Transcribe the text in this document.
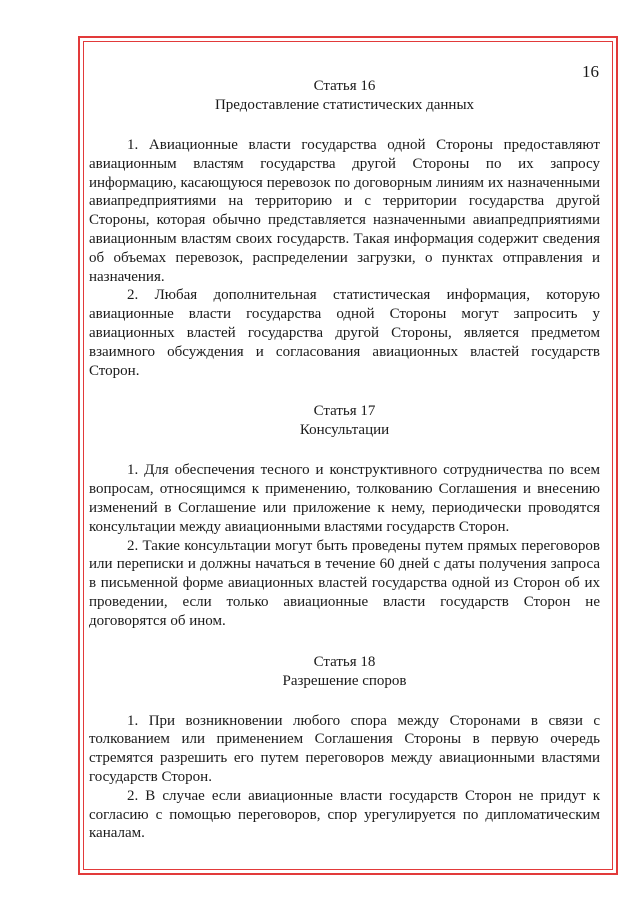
16
Статья 16
Предоставление статистических данных

1. Авиационные власти государства одной Стороны предоставляют авиационным властям государства другой Стороны по их запросу информацию, касающуюся перевозок по договорным линиям их назначенными авиапредприятиями на территорию и с территории государства другой Стороны, которая обычно представляется назначенными авиапредприятиями авиационным властям своих государств. Такая информация содержит сведения об объемах перевозок, распределении загрузки, о пунктах отправления и назначения.

2. Любая дополнительная статистическая информация, которую авиационные власти государства одной Стороны могут запросить у авиационных властей государства другой Стороны, является предметом взаимного обсуждения и согласования авиационных властей государств Сторон.

Статья 17
Консультации

1. Для обеспечения тесного и конструктивного сотрудничества по всем вопросам, относящимся к применению, толкованию Соглашения и внесению изменений в Соглашение или приложение к нему, периодически проводятся консультации между авиационными властями государств Сторон.

2. Такие консультации могут быть проведены путем прямых переговоров или переписки и должны начаться в течение 60 дней с даты получения запроса в письменной форме авиационных властей государства одной из Сторон об их проведении, если только авиационные власти государств Сторон не договорятся об ином.

Статья 18
Разрешение споров

1. При возникновении любого спора между Сторонами в связи с толкованием или применением Соглашения Стороны в первую очередь стремятся разрешить его путем переговоров между авиационными властями государств Сторон.

2. В случае если авиационные власти государств Сторон не придут к согласию с помощью переговоров, спор урегулируется по дипломатическим каналам.
